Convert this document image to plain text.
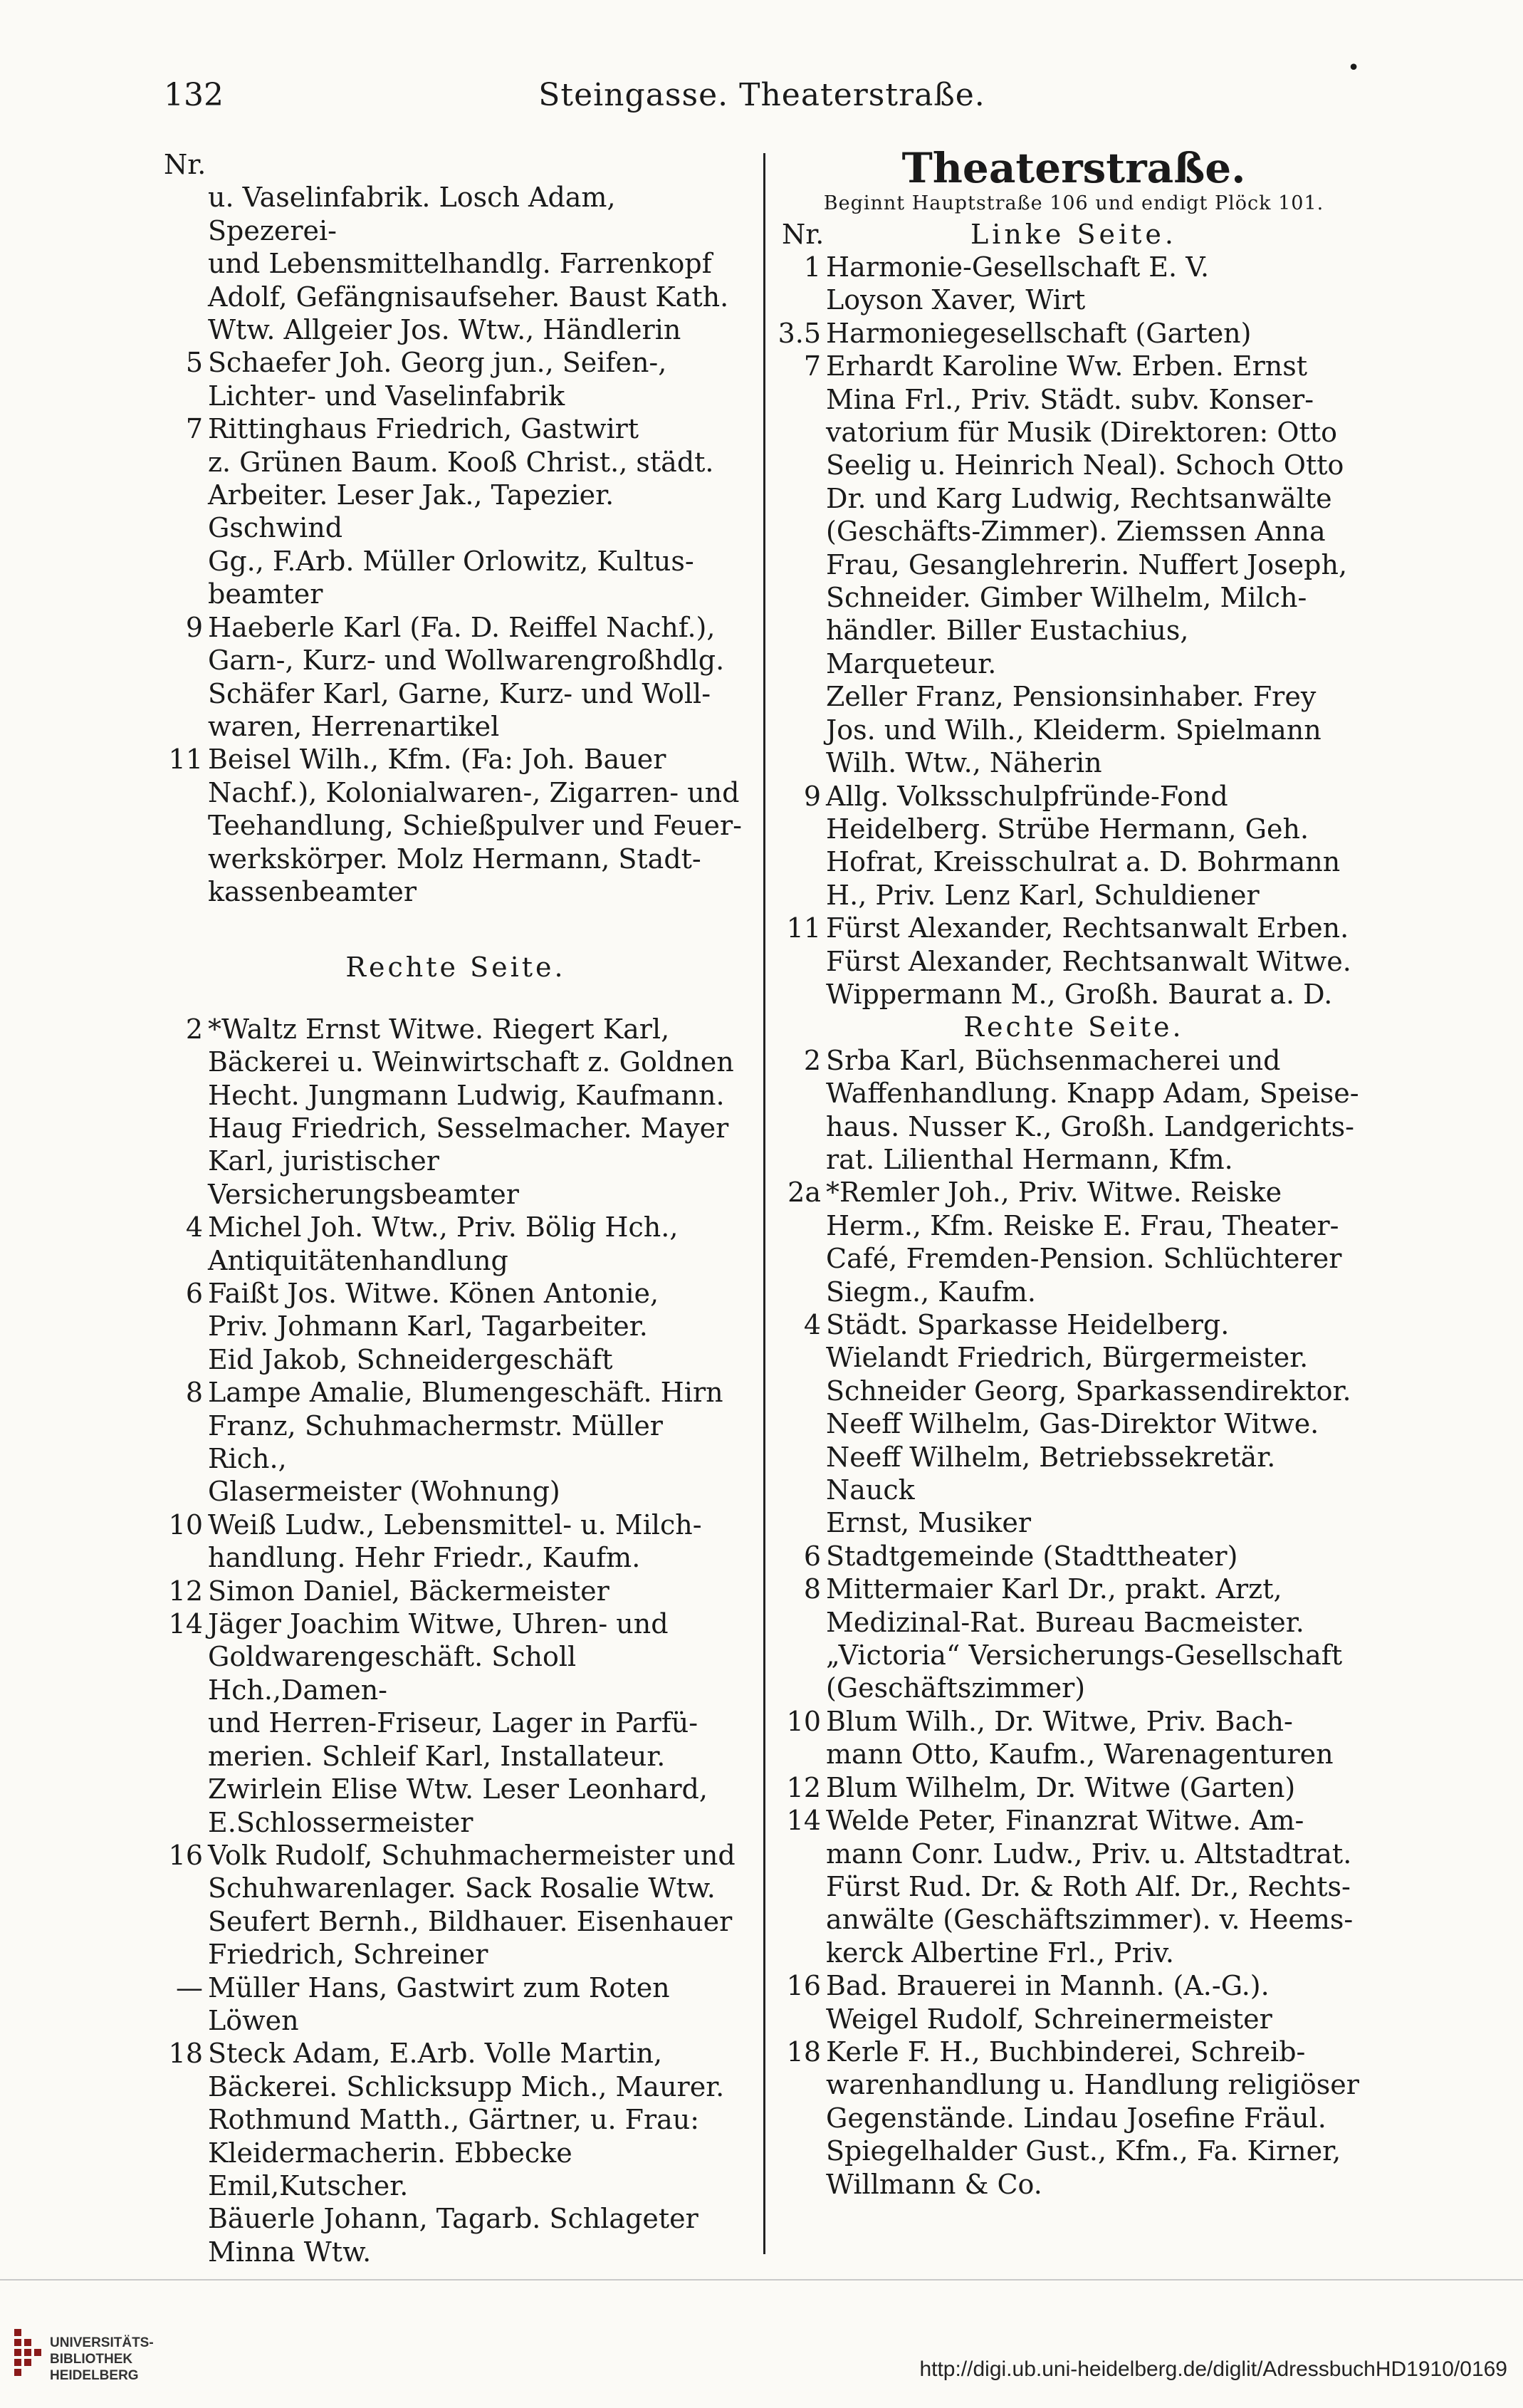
132	Steingasse. Theaterstraße.
•
Nr.
u. Vaselinfabrik. Losch Adam, Spezerei-
und Lebensmittelhandlg. Farrenkopf
Adolf, Gefängnisaufseher. Baust Kath.
Wtw. Allgeier Jos. Wtw., Händlerin
5 Schaefer Joh. Georg jun., Seifen-,
Lichter- und Vaselinfabrik
7 Rittinghaus Friedrich, Gastwirt
z. Grünen Baum. Kooß Christ., städt.
Arbeiter. Leser Jak., Tapezier. Gschwind
Gg., F.Arb. Müller Orlowitz, Kultus-
beamter
9 Haeberle Karl (Fa. D. Reiffel Nachf.),
Garn-, Kurz- und Wollwarengroßhdlg.
Schäfer Karl, Garne, Kurz- und Woll-
waren, Herrenartikel
11 Beisel Wilh., Kfm. (Fa: Joh. Bauer
Nachf.), Kolonialwaren-, Zigarren- und
Teehandlung, Schießpulver und Feuer-
werkskörper. Molz Hermann, Stadt-
kassenbeamter
Rechte Seite.
2 *Waltz Ernst Witwe. Riegert Karl,
Bäckerei u. Weinwirtschaft z. Goldnen
Hecht. Jungmann Ludwig, Kaufmann.
Haug Friedrich, Sesselmacher. Mayer
Karl, juristischer Versicherungsbeamter
4 Michel Joh. Wtw., Priv. Bölig Hch.,
Antiquitätenhandlung
6 Faißt Jos. Witwe. Könen Antonie,
Priv. Johmann Karl, Tagarbeiter.
Eid Jakob, Schneidergeschäft
8 Lampe Amalie, Blumengeschäft. Hirn
Franz, Schuhmachermstr. Müller Rich.,
Glasermeister (Wohnung)
10 Weiß Ludw., Lebensmittel- u. Milch-
handlung. Hehr Friedr., Kaufm.
12 Simon Daniel, Bäckermeister
14 Jäger Joachim Witwe, Uhren- und
Goldwarengeschäft. Scholl Hch.,Damen-
und Herren-Friseur, Lager in Parfü-
merien. Schleif Karl, Installateur.
Zwirlein Elise Wtw. Leser Leonhard,
E.Schlossermeister
16 Volk Rudolf, Schuhmachermeister und
Schuhwarenlager. Sack Rosalie Wtw.
Seufert Bernh., Bildhauer. Eisenhauer
Friedrich, Schreiner
— Müller Hans, Gastwirt zum Roten
Löwen
18 Steck Adam, E.Arb. Volle Martin,
Bäckerei. Schlicksupp Mich., Maurer.
Rothmund Matth., Gärtner, u. Frau:
Kleidermacherin. Ebbecke Emil,Kutscher.
Bäuerle Johann, Tagarb. Schlageter
Minna Wtw.
Theaterstraße.
Beginnt Hauptstraße 106 und endigt Plöck 101.
Nr.	Linke Seite.
1 Harmonie-Gesellschaft E. V.
Loyson Xaver, Wirt
3.5 Harmoniegesellschaft (Garten)
7 Erhardt Karoline Ww. Erben. Ernst
Mina Frl., Priv. Städt. subv. Konser-
vatorium für Musik (Direktoren: Otto
Seelig u. Heinrich Neal). Schoch Otto
Dr. und Karg Ludwig, Rechtsanwälte
(Geschäfts-Zimmer). Ziemssen Anna
Frau, Gesanglehrerin. Nuffert Joseph,
Schneider. Gimber Wilhelm, Milch-
händler. Biller Eustachius, Marqueteur.
Zeller Franz, Pensionsinhaber. Frey
Jos. und Wilh., Kleiderm. Spielmann
Wilh. Wtw., Näherin
9 Allg. Volksschulpfründe-Fond
Heidelberg. Strübe Hermann, Geh.
Hofrat, Kreisschulrat a. D. Bohrmann
H., Priv. Lenz Karl, Schuldiener
11 Fürst Alexander, Rechtsanwalt Erben.
Fürst Alexander, Rechtsanwalt Witwe.
Wippermann M., Großh. Baurat a. D.
Rechte Seite.
2 Srba Karl, Büchsenmacherei und
Waffenhandlung. Knapp Adam, Speise-
haus. Nusser K., Großh. Landgerichts-
rat. Lilienthal Hermann, Kfm.
2a *Remler Joh., Priv. Witwe. Reiske
Herm., Kfm. Reiske E. Frau, Theater-
Café, Fremden-Pension. Schlüchterer
Siegm., Kaufm.
4 Städt. Sparkasse Heidelberg.
Wielandt Friedrich, Bürgermeister.
Schneider Georg, Sparkassendirektor.
Neeff Wilhelm, Gas-Direktor Witwe.
Neeff Wilhelm, Betriebssekretär. Nauck
Ernst, Musiker
6 Stadtgemeinde (Stadttheater)
8 Mittermaier Karl Dr., prakt. Arzt,
Medizinal-Rat. Bureau Bacmeister.
„Victoria“ Versicherungs-Gesellschaft
(Geschäftszimmer)
10 Blum Wilh., Dr. Witwe, Priv. Bach-
mann Otto, Kaufm., Warenagenturen
12 Blum Wilhelm, Dr. Witwe (Garten)
14 Welde Peter, Finanzrat Witwe. Am-
mann Conr. Ludw., Priv. u. Altstadtrat.
Fürst Rud. Dr. & Roth Alf. Dr., Rechts-
anwälte (Geschäftszimmer). v. Heems-
kerck Albertine Frl., Priv.
16 Bad. Brauerei in Mannh. (A.-G.).
Weigel Rudolf, Schreinermeister
18 Kerle F. H., Buchbinderei, Schreib-
warenhandlung u. Handlung religiöser
Gegenstände. Lindau Josefine Fräul.
Spiegelhalder Gust., Kfm., Fa. Kirner,
Willmann & Co.
UNIVERSITÄTS-
BIBLIOTHEK
HEIDELBERG	http://digi.ub.uni-heidelberg.de/diglit/AdressbuchHD1910/0169
